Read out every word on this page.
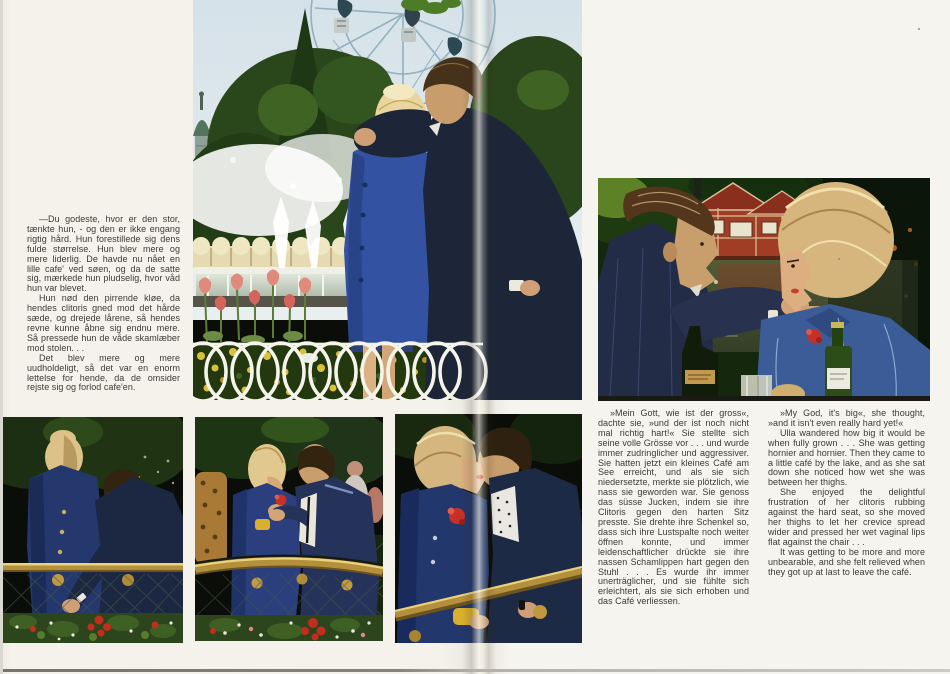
—Du godeste, hvor er den stor, tænkte hun, - og den er ikke engang rigtig hård. Hun forestillede sig dens fulde størrelse. Hun blev mere og mere liderlig. De havde nu nået en lille cafe' ved søen, og da de satte sig, mærkede hun pludselig, hvor våd hun var blevet.

Hun nød den pirrende kløe, da hendes clitoris gned mod det hårde sæde, og drejede lårene, så hendes revne kunne åbne sig endnu mere. Så pressede hun de våde skamlæber mod stolen. . .

Det blev mere og mere uudholdeligt, så det var en enorm lettelse for hende, da de omsider rejste sig og forlod cafe'en.

»Mein Gott, wie ist der gross«, dachte sie, »und der ist noch nicht mal richtig hart!« Sie stellte sich seine volle Grösse vor . . . und wurde immer zudringlicher und aggressiver. Sie hatten jetzt ein kleines Café am See erreicht, und als sie sich niedersetzte, merkte sie plötzlich, wie nass sie geworden war. Sie genoss das süsse Jucken, indem sie ihre Clitoris gegen den harten Sitz presste. Sie drehte ihre Schenkel so, dass sich ihre Lustspalte noch weiter öffnen konnte, und immer leidenschaftlicher drückte sie ihre nassen Schamlippen hart gegen den Stuhl . . . Es wurde ihr immer unerträglicher, und sie fühlte sich erleichtert, als sie sich erhoben und das Café verliessen.

»My God, it's big«, she thought, »and it isn't even really hard yet!«

Ulla wandered how big it would be when fully grown . . . She was getting hornier and hornier. Then they came to a little café by the lake, and as she sat down she noticed how wet she was between her thighs.

She enjoyed the delightful frustration of her clitoris rubbing against the hard seat, so she moved her thighs to let her crevice spread wider and pressed her wet vaginal lips flat against the chair . . .

It was getting to be more and more unbearable, and she felt relieved when they got up at last to leave the café.
